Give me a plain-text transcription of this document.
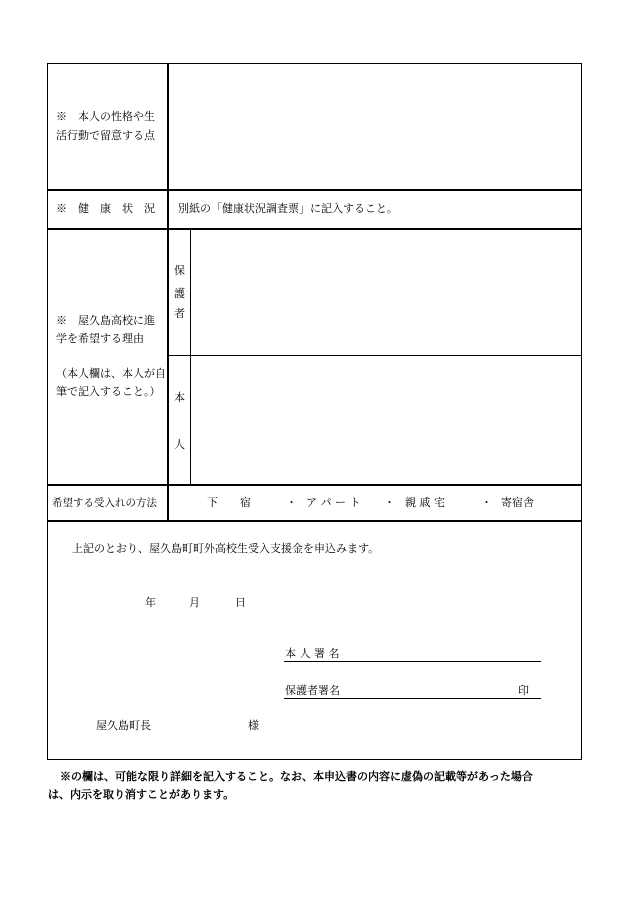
※　本人の性格や生
活行動で留意する点
※　健　康　状　況 別紙の「健康状況調査票」に記入すること。
※　屋久島高校に進
学を希望する理由
（本人欄は、本人が自
筆で記入すること。）
保
護
者
本
人
希望する受入れの方法	下　　宿	・ ア パ ー ト ・ 親 戚 宅	・ 寄宿舎
上記のとおり、屋久島町町外高校生受入支援金を申込みます。
年	月	日
本 人 署 名
保護者署名	印
屋久島町長	様
※の欄は、可能な限り詳細を記入すること。なお、本申込書の内容に虚偽の記載等があった場合
は、内示を取り消すことがあります。
